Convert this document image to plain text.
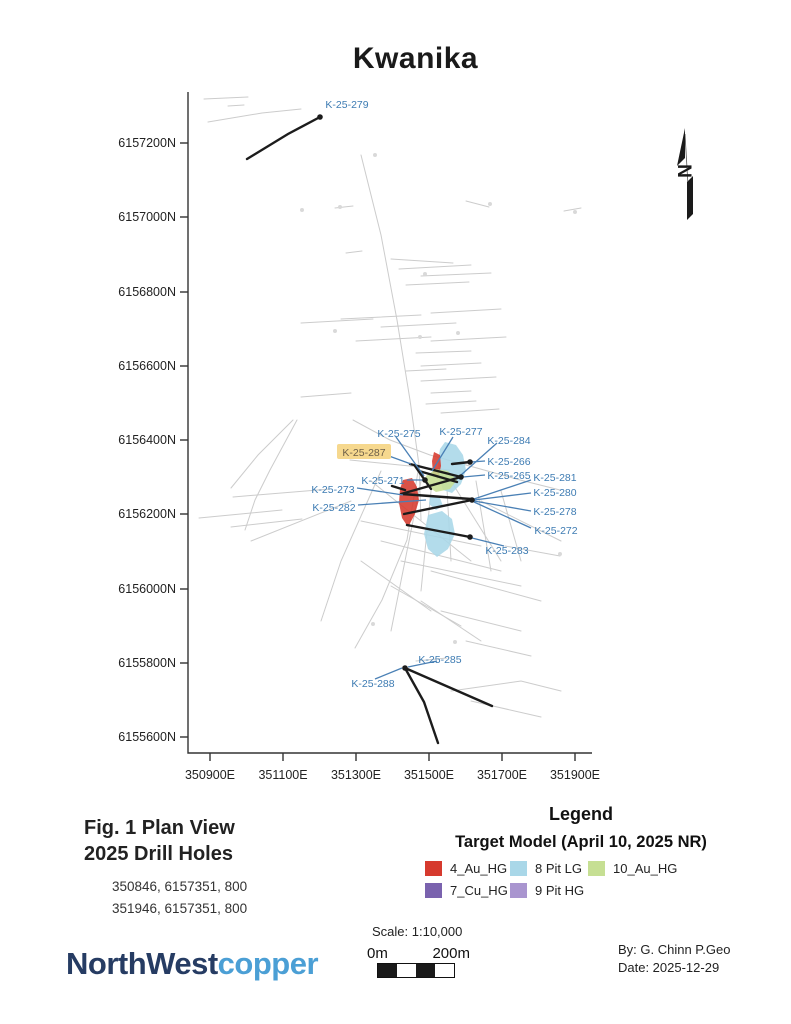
Kwanika
6157200N
6157000N
6156800N
6156600N
6156400N
6156200N
6156000N
6155800N
6155600N
350900E 351100E 351300E 351500E 351700E 351900E
K-25-279
K-25-275 K-25-277
K-25-284
K-25-287
K-25-266
K-25-265 K-25-281
K-25-271
K-25-273	K-25-280
K-25-282	K-25-278
K-25-272
K-25-283
K-25-285
K-25-288
N
Fig. 1 Plan View
2025 Drill Holes
350846, 6157351, 800
351946, 6157351, 800
Legend
Target Model (April 10, 2025 NR)
4_Au_HG 8 Pit LG 10_Au_HG
7_Cu_HG 9 Pit HG
Scale: 1:10,000
0m	200m	By: G. Chinn P.Geo
Date: 2025-12-29
NorthWestcopper
